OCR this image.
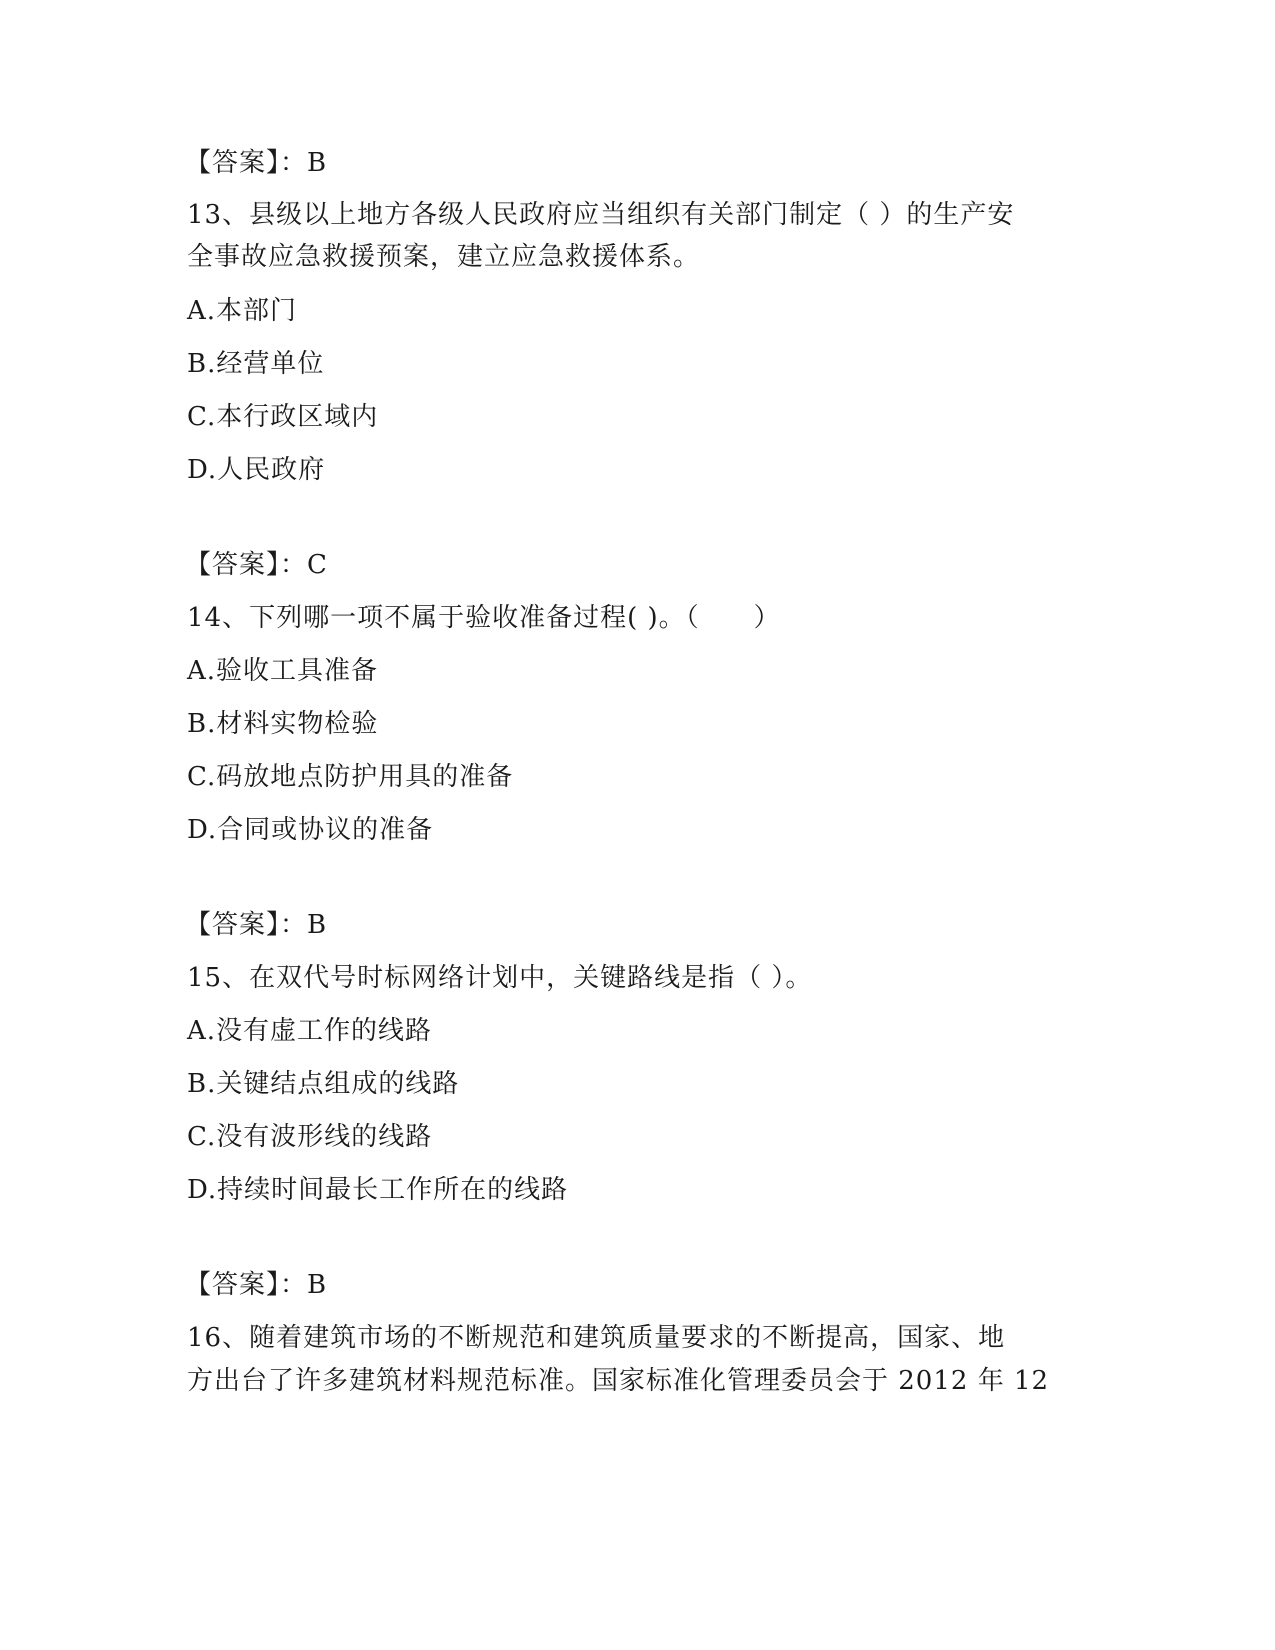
【答案】：B
13、县级以上地方各级人民政府应当组织有关部门制定（ ）的生产安
全事故应急救援预案，建立应急救援体系。
A.本部门
B.经营单位
C.本行政区域内
D.人民政府
【答案】：C
14、下列哪一项不属于验收准备过程( )。（　　）
A.验收工具准备
B.材料实物检验
C.码放地点防护用具的准备
D.合同或协议的准备
【答案】：B
15、在双代号时标网络计划中，关键路线是指（ ）。
A.没有虚工作的线路
B.关键结点组成的线路
C.没有波形线的线路
D.持续时间最长工作所在的线路
【答案】：B
16、随着建筑市场的不断规范和建筑质量要求的不断提高，国家、地
方出台了许多建筑材料规范标准。国家标准化管理委员会于 2012 年 12
